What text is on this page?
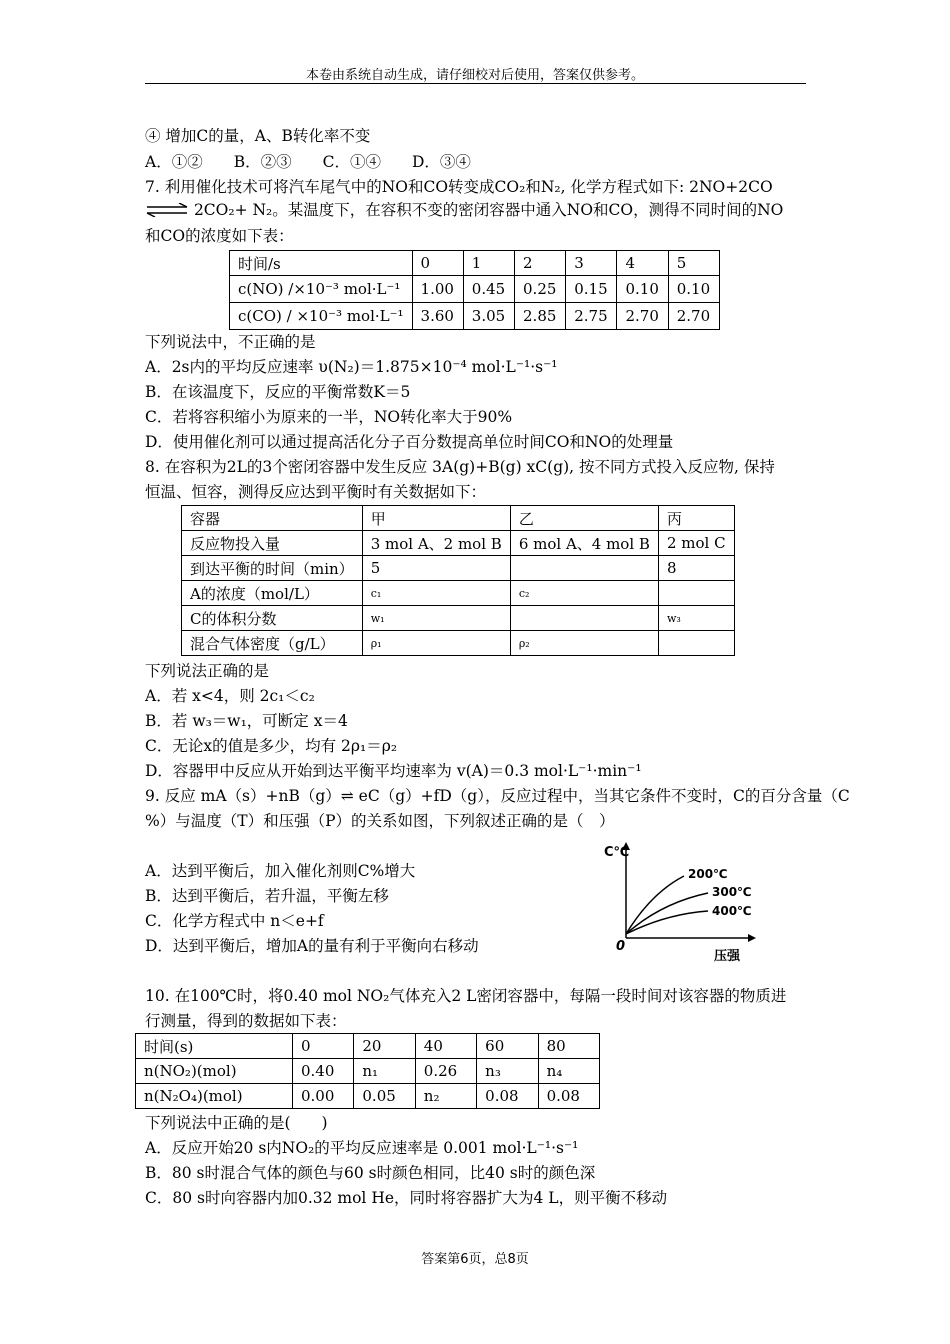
本卷由系统自动生成，请仔细校对后使用，答案仅供参考。
④ 增加C的量，A、B转化率不变
A．①②　　B．②③　　C．①④　　D．③④
7. 利用催化技术可将汽车尾气中的NO和CO转变成CO₂和N₂, 化学方程式如下: 2NO+2CO
⇌ 2CO₂+ N₂。某温度下，在容积不变的密闭容器中通入NO和CO，测得不同时间的NO
和CO的浓度如下表：
时间/s	0	1	2	3	4	5
c(NO) /×10⁻³ mol·L⁻¹	1.00	0.45	0.25	0.15	0.10	0.10
c(CO) / ×10⁻³ mol·L⁻¹	3.60	3.05	2.85	2.75	2.70	2.70
下列说法中，不正确的是
A．2s内的平均反应速率 υ(N₂)＝1.875×10⁻⁴ mol·L⁻¹·s⁻¹
B．在该温度下，反应的平衡常数K＝5
C．若将容积缩小为原来的一半，NO转化率大于90%
D．使用催化剂可以通过提高活化分子百分数提高单位时间CO和NO的处理量
8. 在容积为2L的3个密闭容器中发生反应 3A(g)+B(g) xC(g), 按不同方式投入反应物, 保持
恒温、恒容，测得反应达到平衡时有关数据如下：
容器	甲	乙	丙
反应物投入量	3 mol A、2 mol B	6 mol A、4 mol B	2 mol C
到达平衡的时间（min）	5		8
A的浓度（mol/L）	c₁	c₂	
C的体积分数	w₁		w₃
混合气体密度（g/L）	ρ₁	ρ₂	
下列说法正确的是
A．若 x<4，则 2c₁＜c₂
B．若 w₃＝w₁，可断定 x＝4
C．无论x的值是多少，均有 2ρ₁＝ρ₂
D．容器甲中反应从开始到达平衡平均速率为 v(A)＝0.3 mol·L⁻¹·min⁻¹
9. 反应 mA（s）+nB（g）⇌ eC（g）+fD（g），反应过程中，当其它条件不变时，C的百分含量（C
%）与温度（T）和压强（P）的关系如图，下列叙述正确的是（　）
A．达到平衡后，加入催化剂则C%增大
B．达到平衡后，若升温，平衡左移
C．化学方程式中 n＜e+f
D．达到平衡后，增加A的量有利于平衡向右移动
C℃
0
压强
200℃
300℃
400℃
10. 在100℃时，将0.40 mol NO₂气体充入2 L密闭容器中，每隔一段时间对该容器的物质进
行测量，得到的数据如下表：
时间(s)	0	20	40	60	80
n(NO₂)(mol)	0.40	n₁	0.26	n₃	n₄
n(N₂O₄)(mol)	0.00	0.05	n₂	0.08	0.08
下列说法中正确的是(　　)
A．反应开始20 s内NO₂的平均反应速率是 0.001 mol·L⁻¹·s⁻¹
B．80 s时混合气体的颜色与60 s时颜色相同，比40 s时的颜色深
C．80 s时向容器内加0.32 mol He，同时将容器扩大为4 L，则平衡不移动
答案第6页，总8页
